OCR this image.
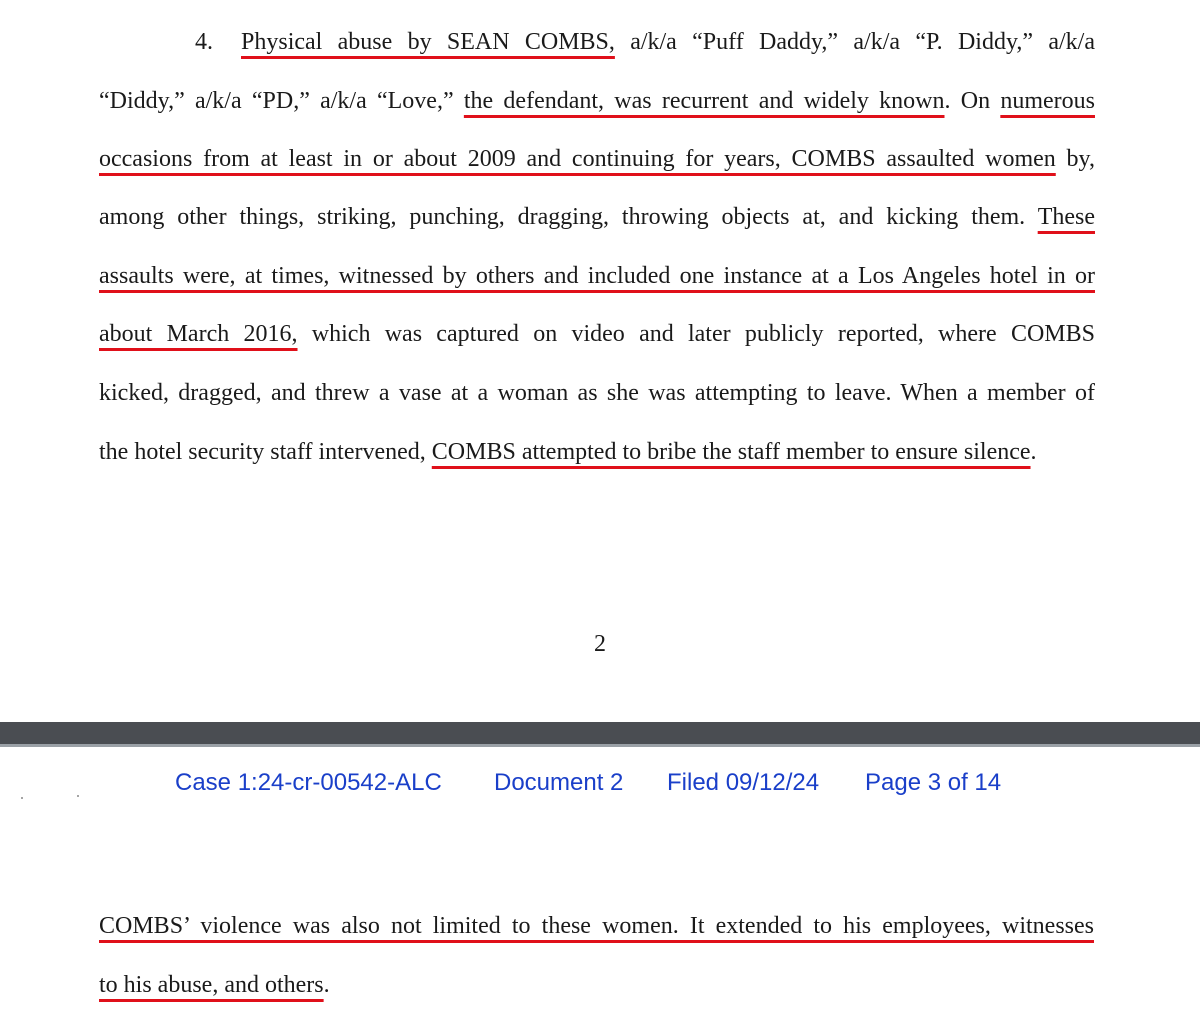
4. Physical abuse by SEAN COMBS, a/k/a “Puff Daddy,” a/k/a “P. Diddy,” a/k/a
“Diddy,” a/k/a “PD,” a/k/a “Love,” the defendant, was recurrent and widely known. On numerous
occasions from at least in or about 2009 and continuing for years, COMBS assaulted women by,
among other things, striking, punching, dragging, throwing objects at, and kicking them. These
assaults were, at times, witnessed by others and included one instance at a Los Angeles hotel in or
about March 2016, which was captured on video and later publicly reported, where COMBS
kicked, dragged, and threw a vase at a woman as she was attempting to leave. When a member of
the hotel security staff intervened, COMBS attempted to bribe the staff member to ensure silence.
2
Case 1:24-cr-00542-ALC Document 2 Filed 09/12/24 Page 3 of 14
COMBS’ violence was also not limited to these women. It extended to his employees, witnesses
to his abuse, and others.
